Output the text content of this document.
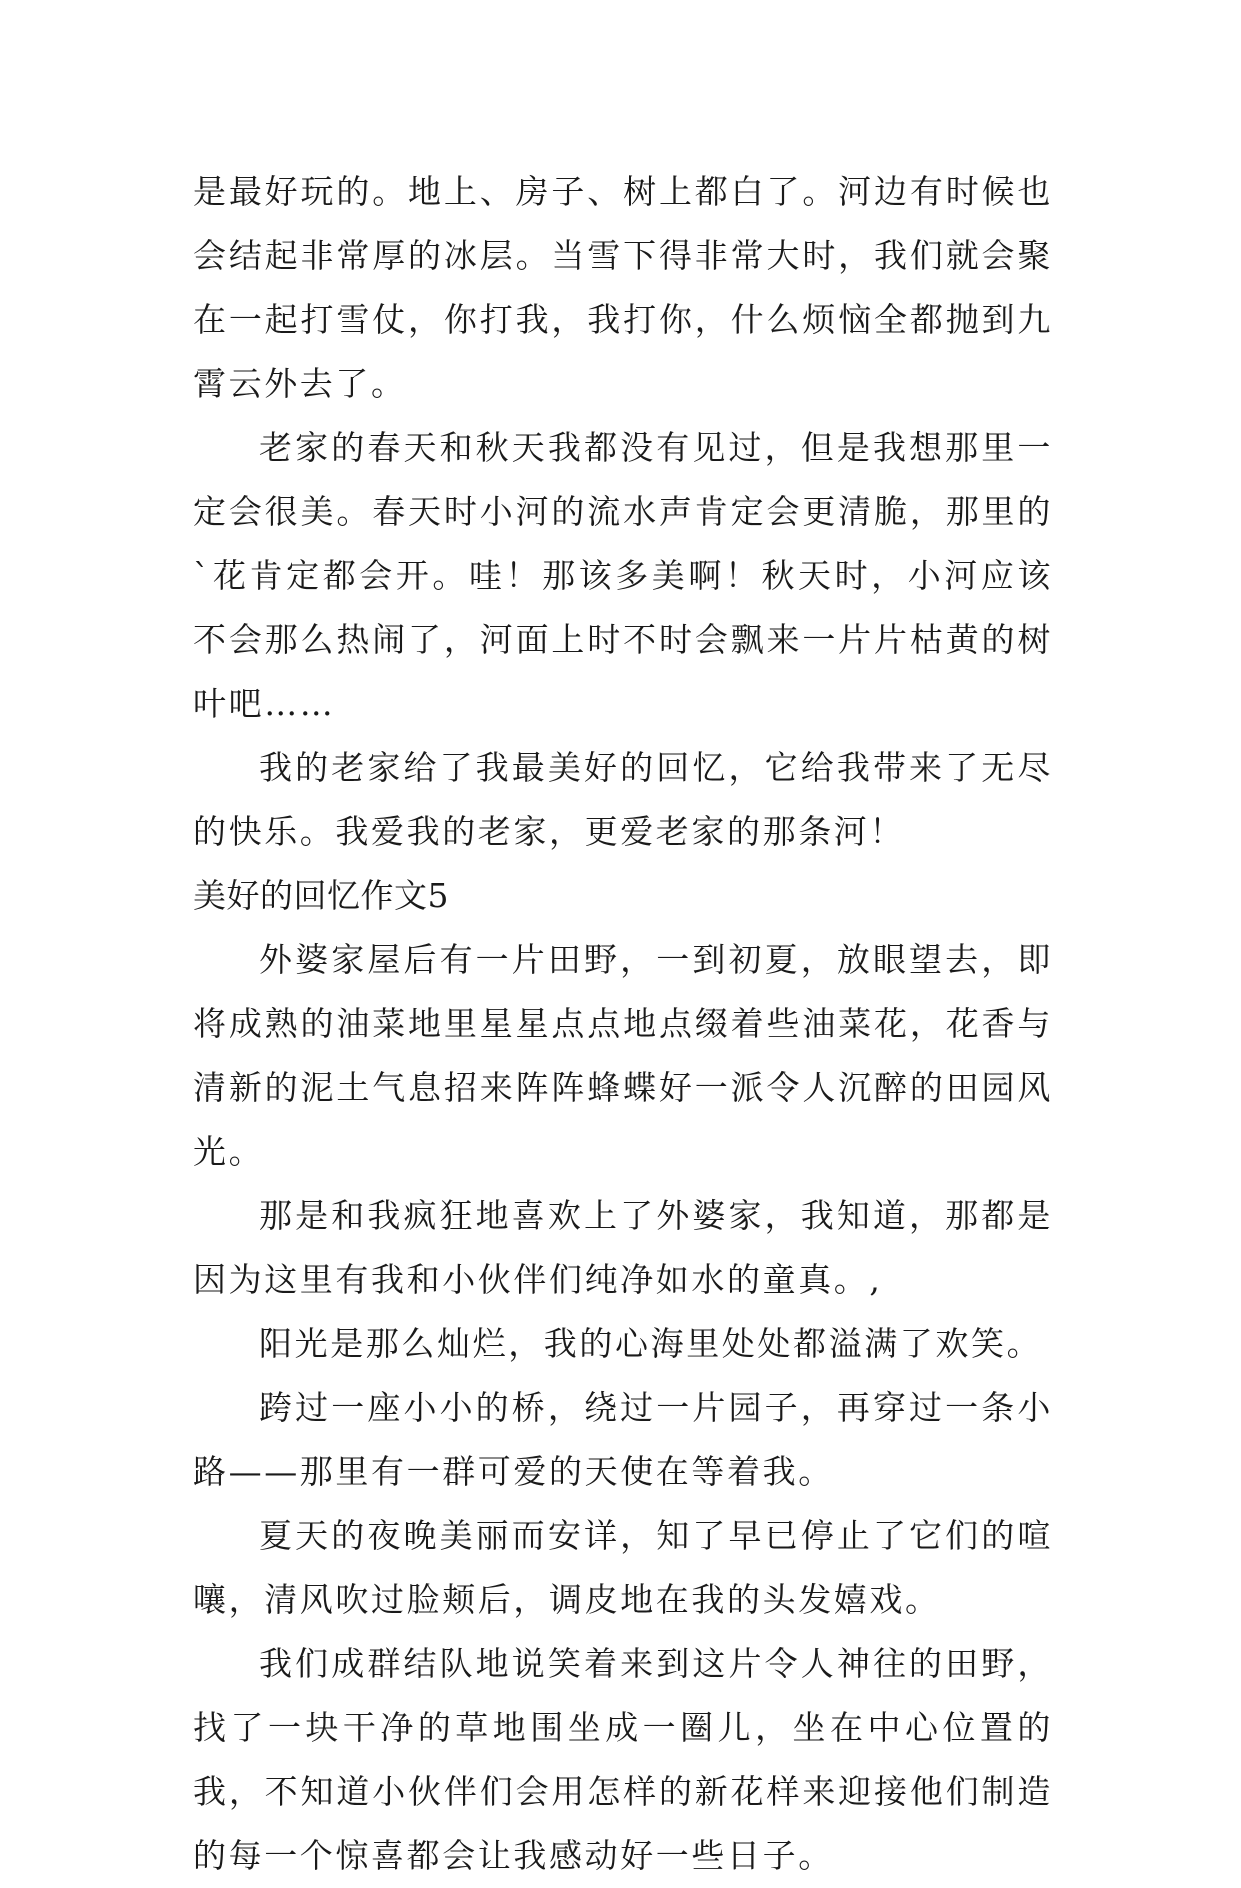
是最好玩的。地上、房子、树上都白了。河边有时候也会结起非常厚的冰层。当雪下得非常大时，我们就会聚在一起打雪仗，你打我，我打你，什么烦恼全都抛到九霄云外去了。

老家的春天和秋天我都没有见过，但是我想那里一定会很美。春天时小河的流水声肯定会更清脆，那里的`花肯定都会开。哇！那该多美啊！秋天时，小河应该不会那么热闹了，河面上时不时会飘来一片片枯黄的树叶吧……

我的老家给了我最美好的回忆，它给我带来了无尽的快乐。我爱我的老家，更爱老家的那条河！

美好的回忆作文5

外婆家屋后有一片田野，一到初夏，放眼望去，即将成熟的油菜地里星星点点地点缀着些油菜花，花香与清新的泥土气息招来阵阵蜂蝶好一派令人沉醉的田园风光。

那是和我疯狂地喜欢上了外婆家，我知道，那都是因为这里有我和小伙伴们纯净如水的童真。,

阳光是那么灿烂，我的心海里处处都溢满了欢笑。

跨过一座小小的桥，绕过一片园子，再穿过一条小路——那里有一群可爱的天使在等着我。

夏天的夜晚美丽而安详，知了早已停止了它们的喧嚷，清风吹过脸颊后，调皮地在我的头发嬉戏。

我们成群结队地说笑着来到这片令人神往的田野，找了一块干净的草地围坐成一圈儿，坐在中心位置的我，不知道小伙伴们会用怎样的新花样来迎接他们制造的每一个惊喜都会让我感动好一些日子。
